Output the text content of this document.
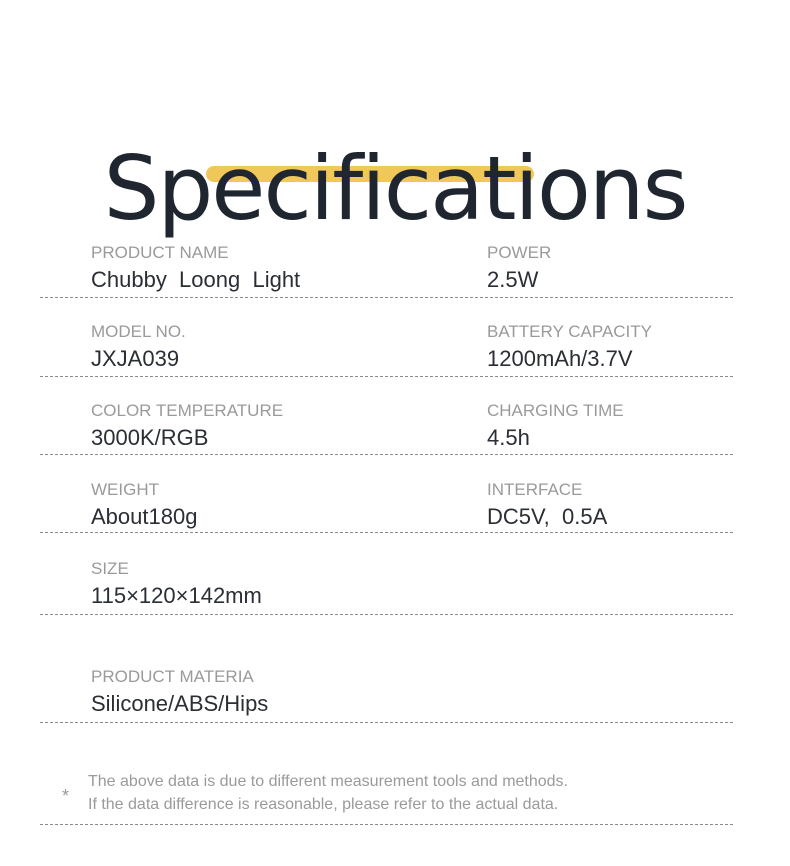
Specifications
PRODUCT NAME
Chubby  Loong  Light
POWER
2.5W
MODEL NO.
JXJA039
BATTERY CAPACITY
1200mAh/3.7V
COLOR TEMPERATURE
3000K/RGB
CHARGING TIME
4.5h
WEIGHT
About180g
INTERFACE
DC5V,  0.5A
SIZE
115×120×142mm
PRODUCT MATERIA
Silicone/ABS/Hips
*
The above data is due to different measurement tools and methods.
If the data difference is reasonable, please refer to the actual data.
